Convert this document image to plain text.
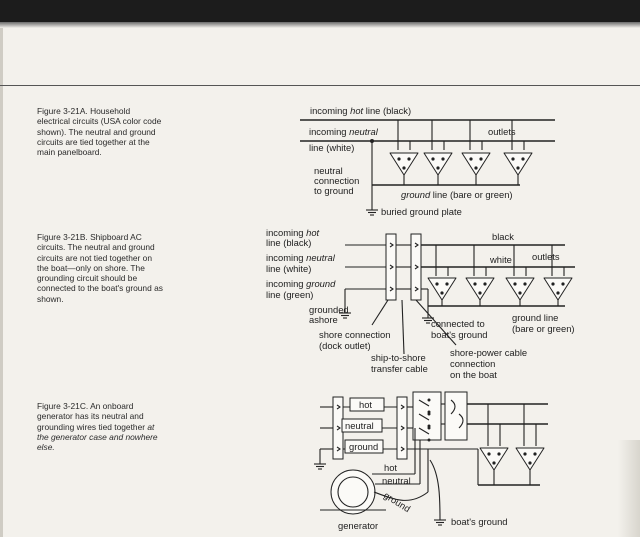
Figure 3-21A. Household electrical circuits (USA color code shown). The neutral and ground circuits are tied together at the main panelboard.

Figure 3-21B. Shipboard AC circuits. The neutral and ground circuits are not tied together on the boat—only on shore. The grounding circuit should be connected to the boat's ground as shown.

Figure 3-21C. An onboard generator has its neutral and grounding wires tied together at the generator case and nowhere else.

incoming hot line (black)
incoming neutral
line (white)
outlets
neutral
connection
to ground	ground line (bare or green)
buried ground plate
incoming hot
line (black)
incoming neutral
line (white)
incoming ground
line (green)
black
white outlets
grounded
ashore
shore connection
(dock outlet)
connected to
boat's ground
ground line
(bare or green)
ship-to-shore
transfer cable
shore-power cable
connection
on the boat
hot
neutral
ground
hot
neutral
ground
generator	boat's ground
